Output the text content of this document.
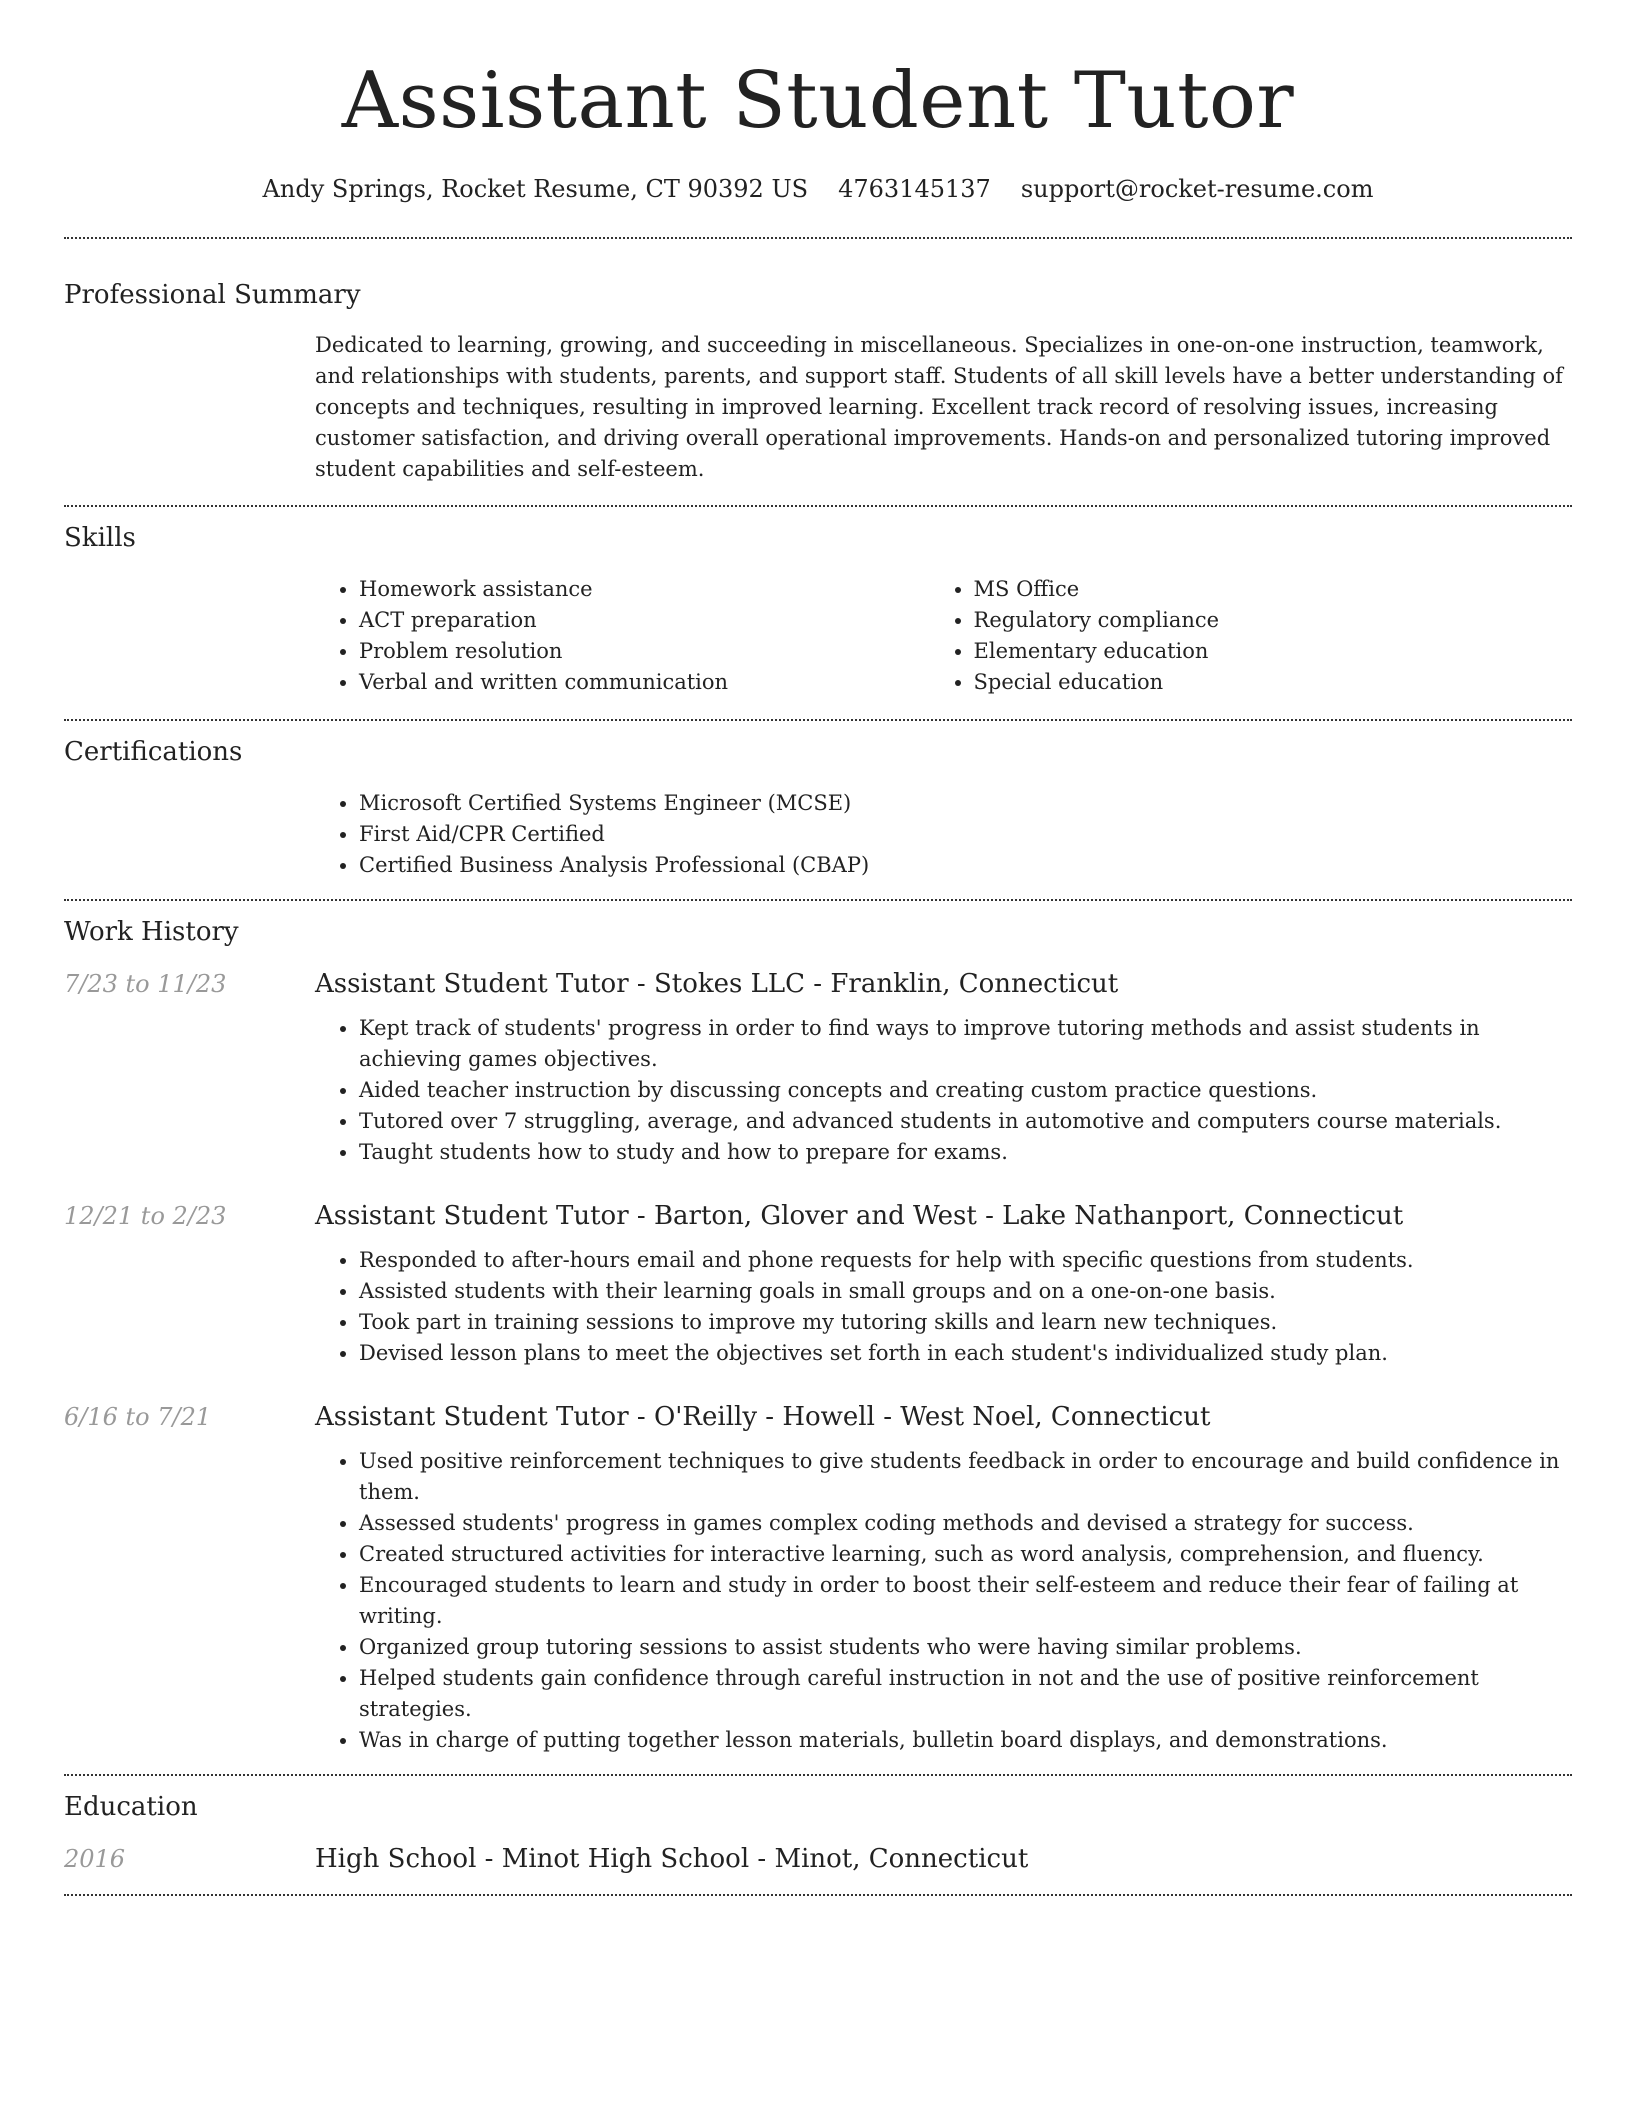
Assistant Student Tutor
Andy Springs, Rocket Resume, CT 90392 US 4763145137 support@rocket-resume.com
Professional Summary
Dedicated to learning, growing, and succeeding in miscellaneous. Specializes in one-on-one instruction, teamwork, and relationships with students, parents, and support staff. Students of all skill levels have a better understanding of concepts and techniques, resulting in improved learning. Excellent track record of resolving issues, increasing customer satisfaction, and driving overall operational improvements. Hands-on and personalized tutoring improved student capabilities and self-esteem.
Skills
• Homework assistance
• ACT preparation
• Problem resolution
• Verbal and written communication
• MS Office
• Regulatory compliance
• Elementary education
• Special education
Certifications
• Microsoft Certified Systems Engineer (MCSE)
• First Aid/CPR Certified
• Certified Business Analysis Professional (CBAP)
Work History
7/23 to 11/23	Assistant Student Tutor - Stokes LLC - Franklin, Connecticut
• Kept track of students' progress in order to find ways to improve tutoring methods and assist students in achieving games objectives.
• Aided teacher instruction by discussing concepts and creating custom practice questions.
• Tutored over 7 struggling, average, and advanced students in automotive and computers course materials.
• Taught students how to study and how to prepare for exams.
12/21 to 2/23	Assistant Student Tutor - Barton, Glover and West - Lake Nathanport, Connecticut
• Responded to after-hours email and phone requests for help with specific questions from students.
• Assisted students with their learning goals in small groups and on a one-on-one basis.
• Took part in training sessions to improve my tutoring skills and learn new techniques.
• Devised lesson plans to meet the objectives set forth in each student's individualized study plan.
6/16 to 7/21	Assistant Student Tutor - O'Reilly - Howell - West Noel, Connecticut
• Used positive reinforcement techniques to give students feedback in order to encourage and build confidence in them.
• Assessed students' progress in games complex coding methods and devised a strategy for success.
• Created structured activities for interactive learning, such as word analysis, comprehension, and fluency.
• Encouraged students to learn and study in order to boost their self-esteem and reduce their fear of failing at writing.
• Organized group tutoring sessions to assist students who were having similar problems.
• Helped students gain confidence through careful instruction in not and the use of positive reinforcement strategies.
• Was in charge of putting together lesson materials, bulletin board displays, and demonstrations.
Education
2016	High School - Minot High School - Minot, Connecticut
